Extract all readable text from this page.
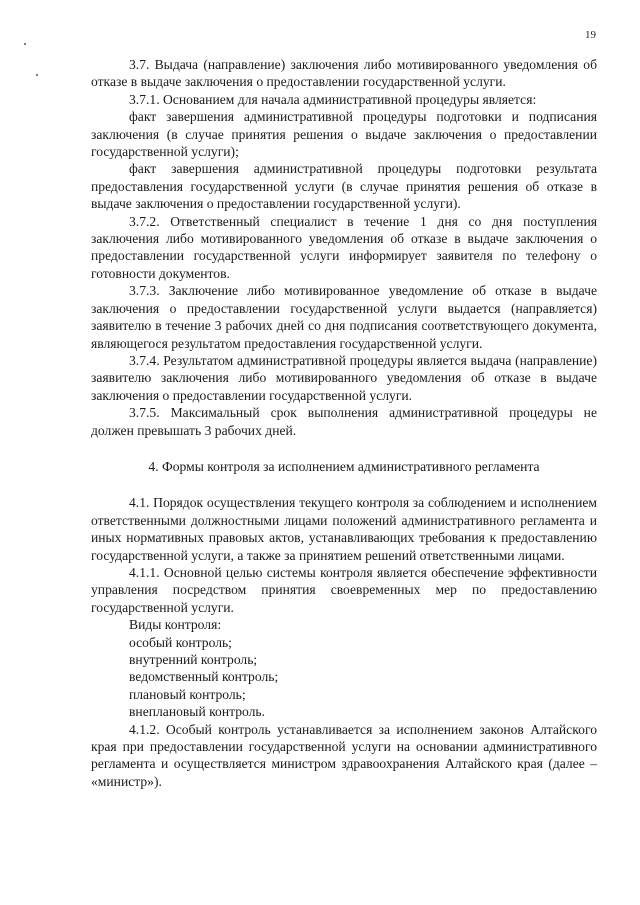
19

3.7. Выдача (направление) заключения либо мотивированного уведомления об отказе в выдаче заключения о предоставлении государственной услуги.

3.7.1. Основанием для начала административной процедуры является:

факт завершения административной процедуры подготовки и подписания заключения (в случае принятия решения о выдаче заключения о предоставлении государственной услуги);

факт завершения административной процедуры подготовки результата предоставления государственной услуги (в случае принятия решения об отказе в выдаче заключения о предоставлении государственной услуги).

3.7.2. Ответственный специалист в течение 1 дня со дня поступления заключения либо мотивированного уведомления об отказе в выдаче заключения о предоставлении государственной услуги информирует заявителя по телефону о готовности документов.

3.7.3. Заключение либо мотивированное уведомление об отказе в выдаче заключения о предоставлении государственной услуги выдается (направляется) заявителю в течение 3 рабочих дней со дня подписания соответствующего документа, являющегося результатом предоставления государственной услуги.

3.7.4. Результатом административной процедуры является выдача (направление) заявителю заключения либо мотивированного уведомления об отказе в выдаче заключения о предоставлении государственной услуги.

3.7.5. Максимальный срок выполнения административной процедуры не должен превышать 3 рабочих дней.

4. Формы контроля за исполнением административного регламента

4.1. Порядок осуществления текущего контроля за соблюдением и исполнением ответственными должностными лицами положений административного регламента и иных нормативных правовых актов, устанавливающих требования к предоставлению государственной услуги, а также за принятием решений ответственными лицами.

4.1.1. Основной целью системы контроля является обеспечение эффективности управления посредством принятия своевременных мер по предоставлению государственной услуги.

Виды контроля:
особый контроль;
внутренний контроль;
ведомственный контроль;
плановый контроль;
внеплановый контроль.

4.1.2. Особый контроль устанавливается за исполнением законов Алтайского края при предоставлении государственной услуги на основании административного регламента и осуществляется министром здравоохранения Алтайского края (далее – «министр»).
